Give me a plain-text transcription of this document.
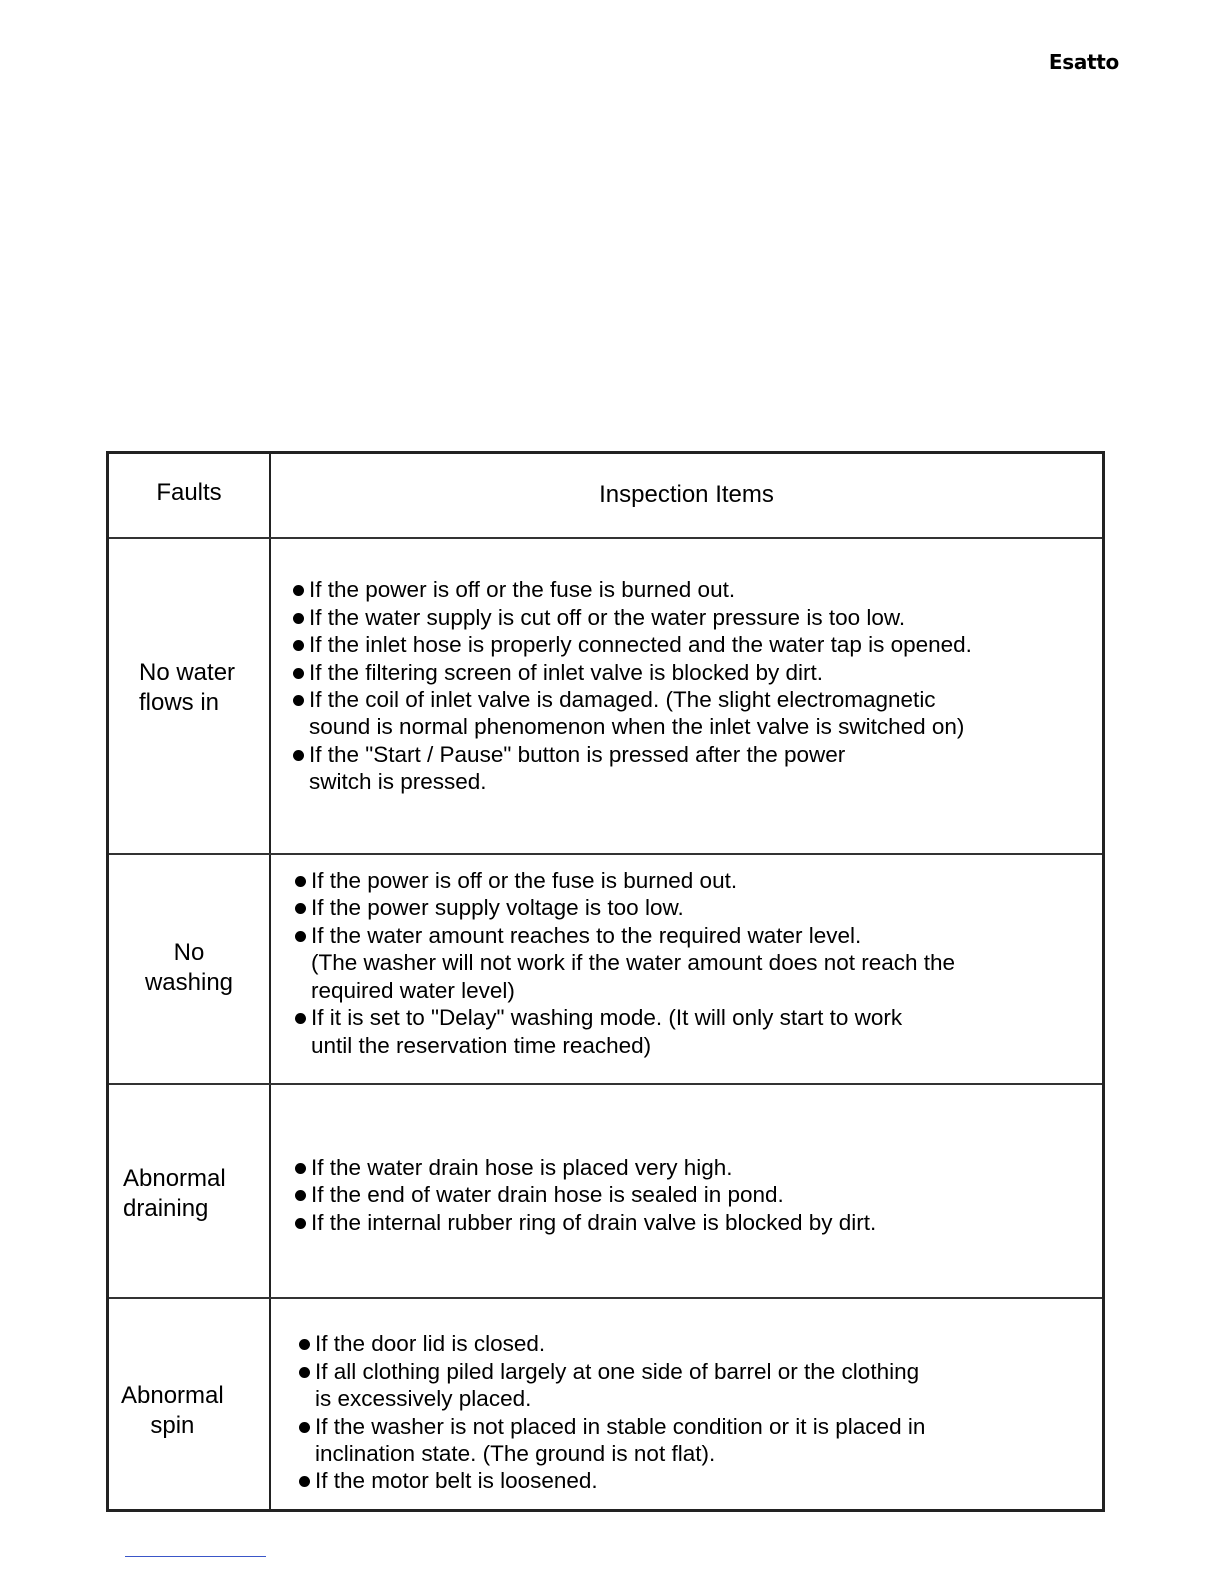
Esatto
Faults	Inspection Items
No water
flows in
If the power is off or the fuse is burned out.
If the water supply is cut off or the water pressure is too low.
If the inlet hose is properly connected and the water tap is opened.
If the filtering screen of inlet valve is blocked by dirt.
If the coil of inlet valve is damaged. (The slight electromagnetic
sound is normal phenomenon when the inlet valve is switched on)
If the "Start / Pause" button is pressed after the power
switch is pressed.
No
washing
If the power is off or the fuse is burned out.
If the power supply voltage is too low.
If the water amount reaches to the required water level.
(The washer will not work if the water amount does not reach the
required water level)
If it is set to "Delay" washing mode. (It will only start to work
until the reservation time reached)
Abnormal
draining
If the water drain hose is placed very high.
If the end of water drain hose is sealed in pond.
If the internal rubber ring of drain valve is blocked by dirt.
Abnormal
spin
If the door lid is closed.
If all clothing piled largely at one side of barrel or the clothing
is excessively placed.
If the washer is not placed in stable condition or it is placed in
inclination state. (The ground is not flat).
If the motor belt is loosened.
